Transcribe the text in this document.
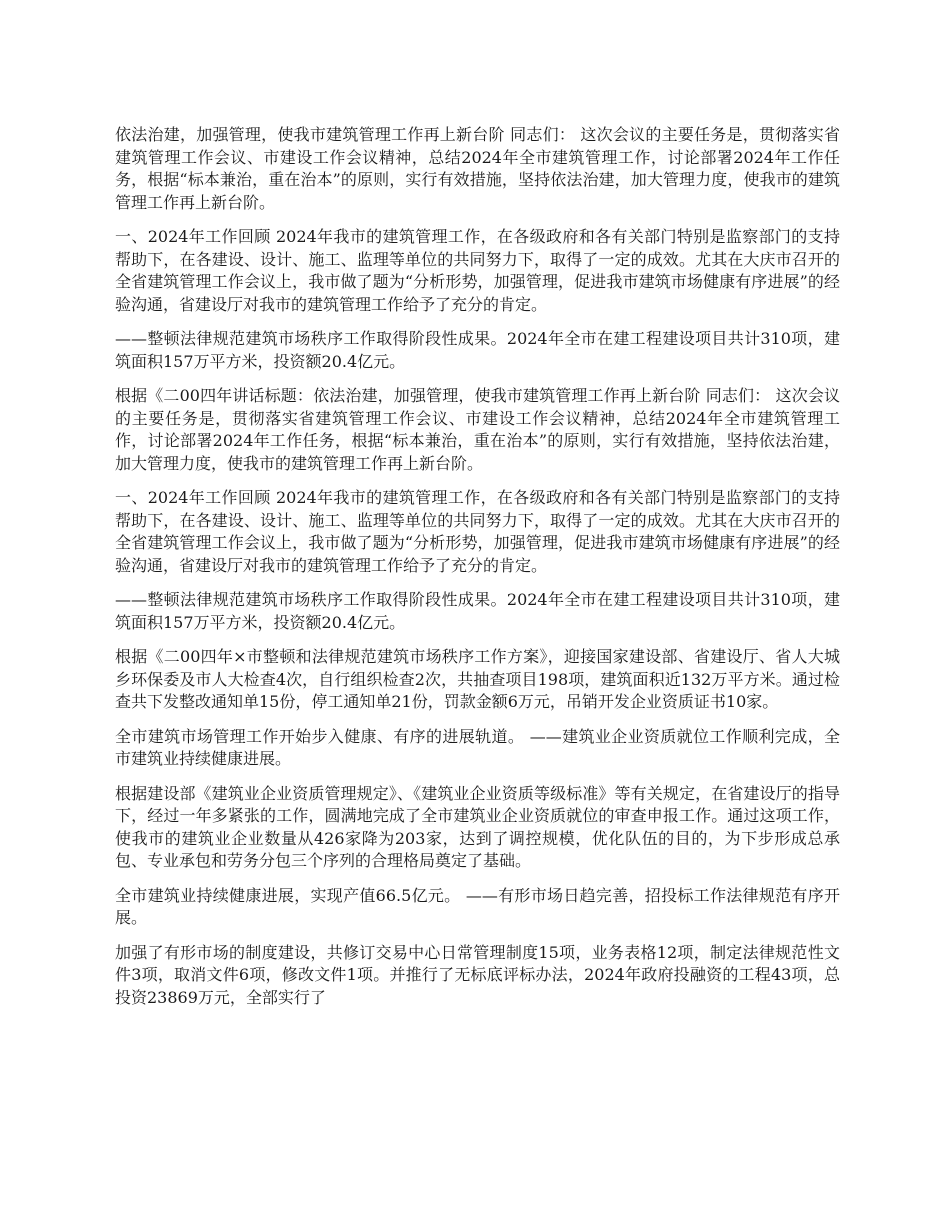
依法治建，加强管理，使我市建筑管理工作再上新台阶 同志们： 这次会议的主要任务是，贯彻落实省建筑管理工作会议、市建设工作会议精神，总结2024年全市建筑管理工作，讨论部署2024年工作任务，根据“标本兼治，重在治本”的原则，实行有效措施，坚持依法治建，加大管理力度，使我市的建筑管理工作再上新台阶。

一、2024年工作回顾 2024年我市的建筑管理工作，在各级政府和各有关部门特别是监察部门的支持帮助下，在各建设、设计、施工、监理等单位的共同努力下，取得了一定的成效。尤其在大庆市召开的全省建筑管理工作会议上，我市做了题为“分析形势，加强管理，促进我市建筑市场健康有序进展”的经验沟通，省建设厅对我市的建筑管理工作给予了充分的肯定。

——整顿法律规范建筑市场秩序工作取得阶段性成果。2024年全市在建工程建设项目共计310项，建筑面积157万平方米，投资额20.4亿元。

根据《二00四年讲话标题：依法治建，加强管理，使我市建筑管理工作再上新台阶 同志们： 这次会议的主要任务是，贯彻落实省建筑管理工作会议、市建设工作会议精神，总结2024年全市建筑管理工作，讨论部署2024年工作任务，根据“标本兼治，重在治本”的原则，实行有效措施，坚持依法治建，加大管理力度，使我市的建筑管理工作再上新台阶。

一、2024年工作回顾 2024年我市的建筑管理工作，在各级政府和各有关部门特别是监察部门的支持帮助下，在各建设、设计、施工、监理等单位的共同努力下，取得了一定的成效。尤其在大庆市召开的全省建筑管理工作会议上，我市做了题为“分析形势，加强管理，促进我市建筑市场健康有序进展”的经验沟通，省建设厅对我市的建筑管理工作给予了充分的肯定。

——整顿法律规范建筑市场秩序工作取得阶段性成果。2024年全市在建工程建设项目共计310项，建筑面积157万平方米，投资额20.4亿元。

根据《二00四年×市整顿和法律规范建筑市场秩序工作方案》，迎接国家建设部、省建设厅、省人大城乡环保委及市人大检查4次，自行组织检查2次，共抽查项目198项，建筑面积近132万平方米。通过检查共下发整改通知单15份，停工通知单21份，罚款金额6万元，吊销开发企业资质证书10家。

全市建筑市场管理工作开始步入健康、有序的进展轨道。 ——建筑业企业资质就位工作顺利完成，全市建筑业持续健康进展。

根据建设部《建筑业企业资质管理规定》、《建筑业企业资质等级标准》等有关规定，在省建设厅的指导下，经过一年多紧张的工作，圆满地完成了全市建筑业企业资质就位的审查申报工作。通过这项工作，使我市的建筑业企业数量从426家降为203家，达到了调控规模，优化队伍的目的，为下步形成总承包、专业承包和劳务分包三个序列的合理格局奠定了基础。

全市建筑业持续健康进展，实现产值66.5亿元。 ——有形市场日趋完善，招投标工作法律规范有序开展。

加强了有形市场的制度建设，共修订交易中心日常管理制度15项，业务表格12项，制定法律规范性文件3项，取消文件6项，修改文件1项。并推行了无标底评标办法，2024年政府投融资的工程43项，总投资23869万元，全部实行了
